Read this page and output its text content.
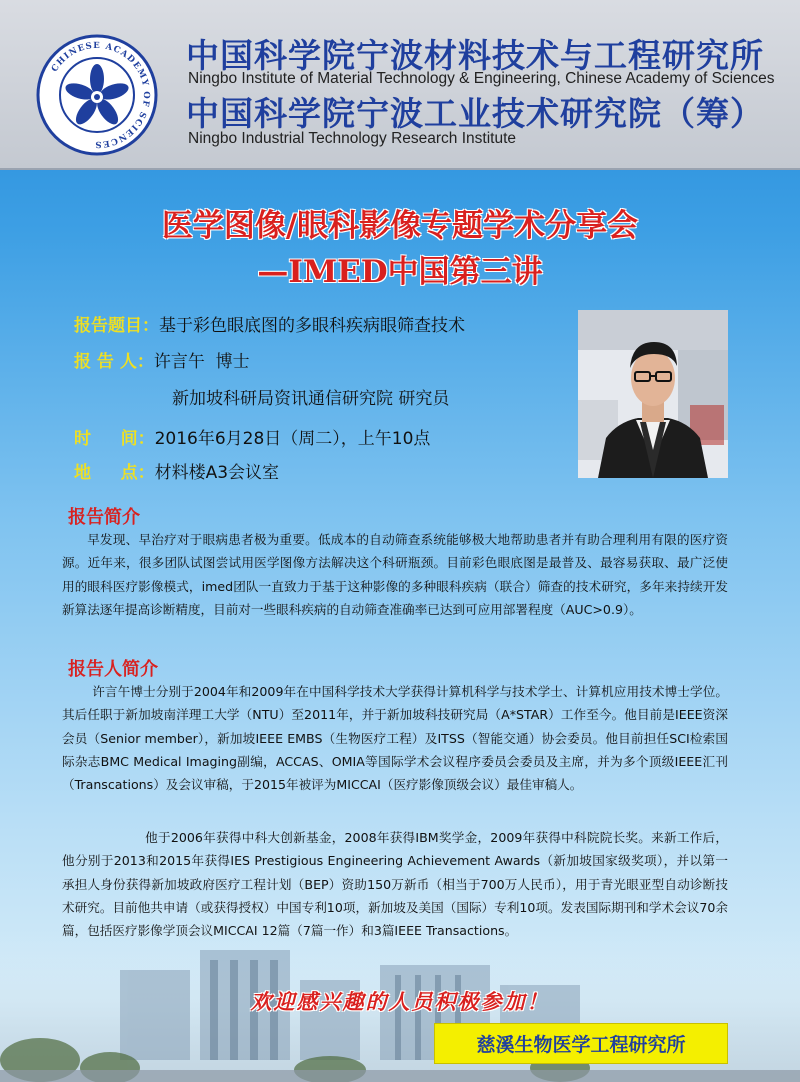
CHINESE ACADEMY OF SCIENCES
中国科学院宁波材料技术与工程研究所
Ningbo Institute of Material Technology & Engineering, Chinese Academy of Sciences
中国科学院宁波工业技术研究院（筹）
Ningbo Industrial Technology Research Institute
医学图像/眼科影像专题学术分享会
—IMED中国第三讲
报告题目：基于彩色眼底图的多眼科疾病眼筛查技术
报 告 人：许言午  博士
新加坡科研局资讯通信研究院 研究员
时     间：2016年6月28日（周二），上午10点
地     点：材料楼A3会议室
报告简介
早发现、早治疗对于眼病患者极为重要。低成本的自动筛查系统能够极大地帮助患者并有助合理利用有限的医疗资源。近年来，很多团队试图尝试用医学图像方法解决这个科研瓶颈。目前彩色眼底图是最普及、最容易获取、最广泛使用的眼科医疗影像模式，imed团队一直致力于基于这种影像的多种眼科疾病（联合）筛查的技术研究，多年来持续开发新算法逐年提高诊断精度，目前对一些眼科疾病的自动筛查准确率已达到可应用部署程度（AUC>0.9）。
报告人简介
许言午博士分别于2004年和2009年在中国科学技术大学获得计算机科学与技术学士、计算机应用技术博士学位。其后任职于新加坡南洋理工大学（NTU）至2011年，并于新加坡科技研究局（A*STAR）工作至今。他目前是IEEE资深会员（Senior member），新加坡IEEE EMBS（生物医疗工程）及ITSS（智能交通）协会委员。他目前担任SCI检索国际杂志BMC Medical Imaging副编，ACCAS、OMIA等国际学术会议程序委员会委员及主席，并为多个顶级IEEE汇刊（Transcations）及会议审稿，于2015年被评为MICCAI（医疗影像顶级会议）最佳审稿人。
他于2006年获得中科大创新基金，2008年获得IBM奖学金，2009年获得中科院院长奖。来新工作后，他分别于2013和2015年获得IES Prestigious Engineering Achievement Awards（新加坡国家级奖项），并以第一承担人身份获得新加坡政府医疗工程计划（BEP）资助150万新币（相当于700万人民币），用于青光眼亚型自动诊断技术研究。目前他共申请（或获得授权）中国专利10项，新加坡及美国（国际）专利10项。发表国际期刊和学术会议70余
欢迎感兴趣的人员积极参加！
慈溪生物医学工程研究所
